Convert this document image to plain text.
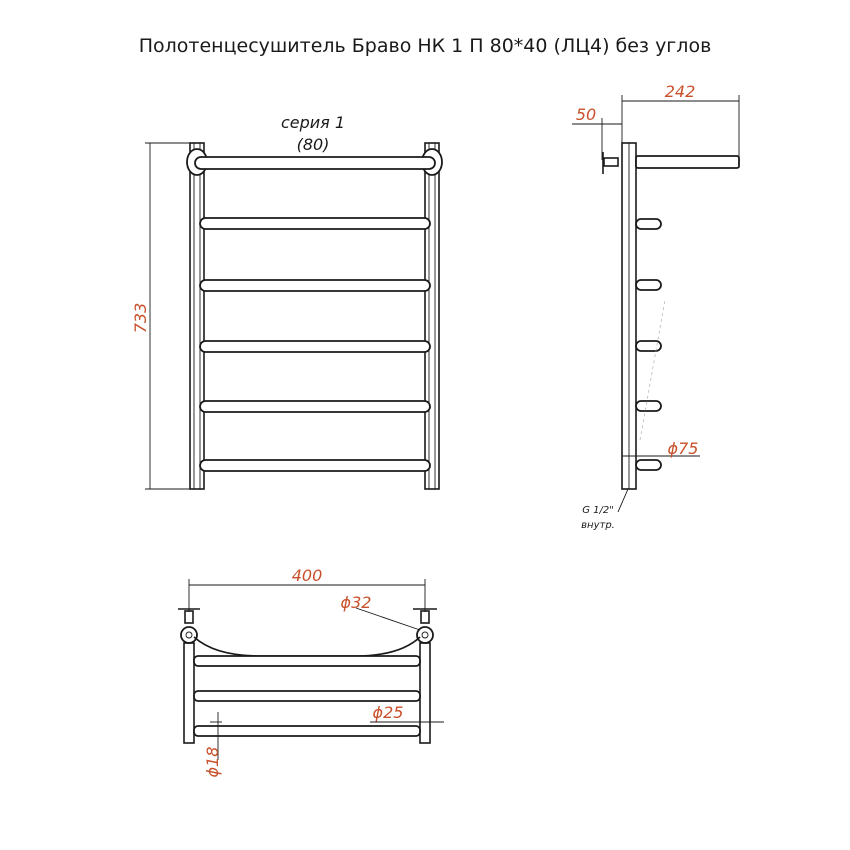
Полотенцесушитель Браво НК 1 П 80*40 (ЛЦ4) без углов
серия 1
(80)
733
242
50
ϕ75
G 1/2"
внутр.
400
ϕ32
ϕ25
ϕ18
